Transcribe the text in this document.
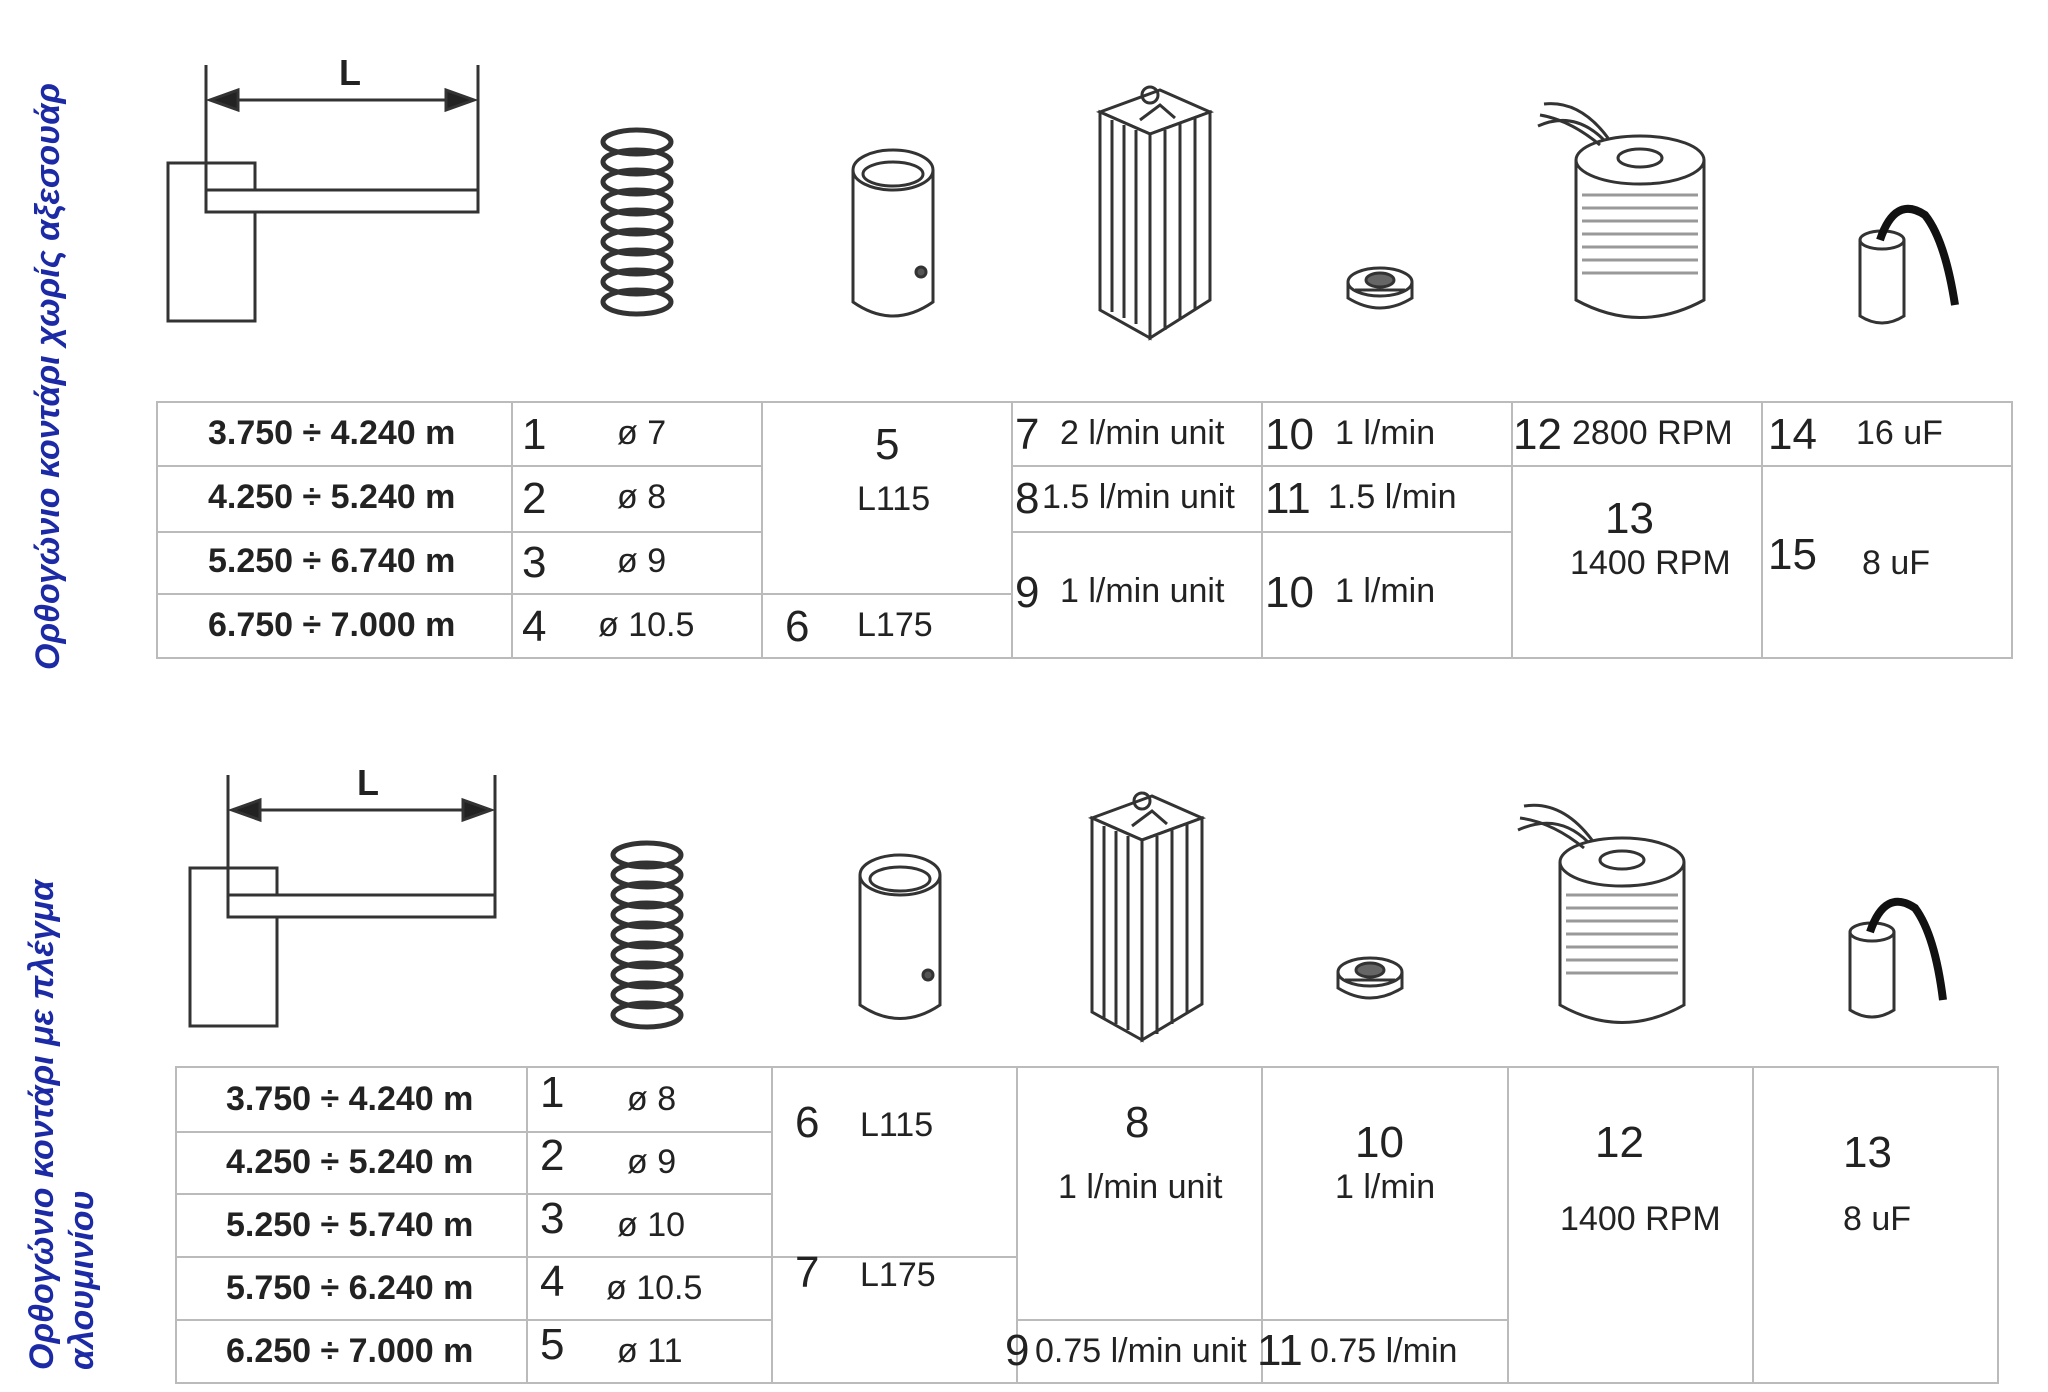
Ορθογώνιο κοντάρι χωρίς αξεσουάρ
Ορθογώνιο κοντάρι με πλέγμα αλουμινίου
L
L
3.750 ÷ 4.240 m
4.250 ÷ 5.240 m
5.250 ÷ 6.740 m
6.750 ÷ 7.000 m
1 ø 7
2 ø 8
3 ø 9
4 ø 10.5
5
L115
6 L175
7 2 l/min unit
8 1.5 l/min unit
9 1 l/min unit
10 1 l/min
11 1.5 l/min
10 1 l/min
12 2800 RPM
13
1400 RPM
14 16 uF
15 8 uF
3.750 ÷ 4.240 m
4.250 ÷ 5.240 m
5.250 ÷ 5.740 m
5.750 ÷ 6.240 m
6.250 ÷ 7.000 m
1 ø 8
2 ø 9
3 ø 10
4 ø 10.5
5 ø 11
6 L115
7 L175
8
1 l/min unit
9 0.75 l/min unit
10
1 l/min
11 0.75 l/min
12
1400 RPM
13
8 uF
